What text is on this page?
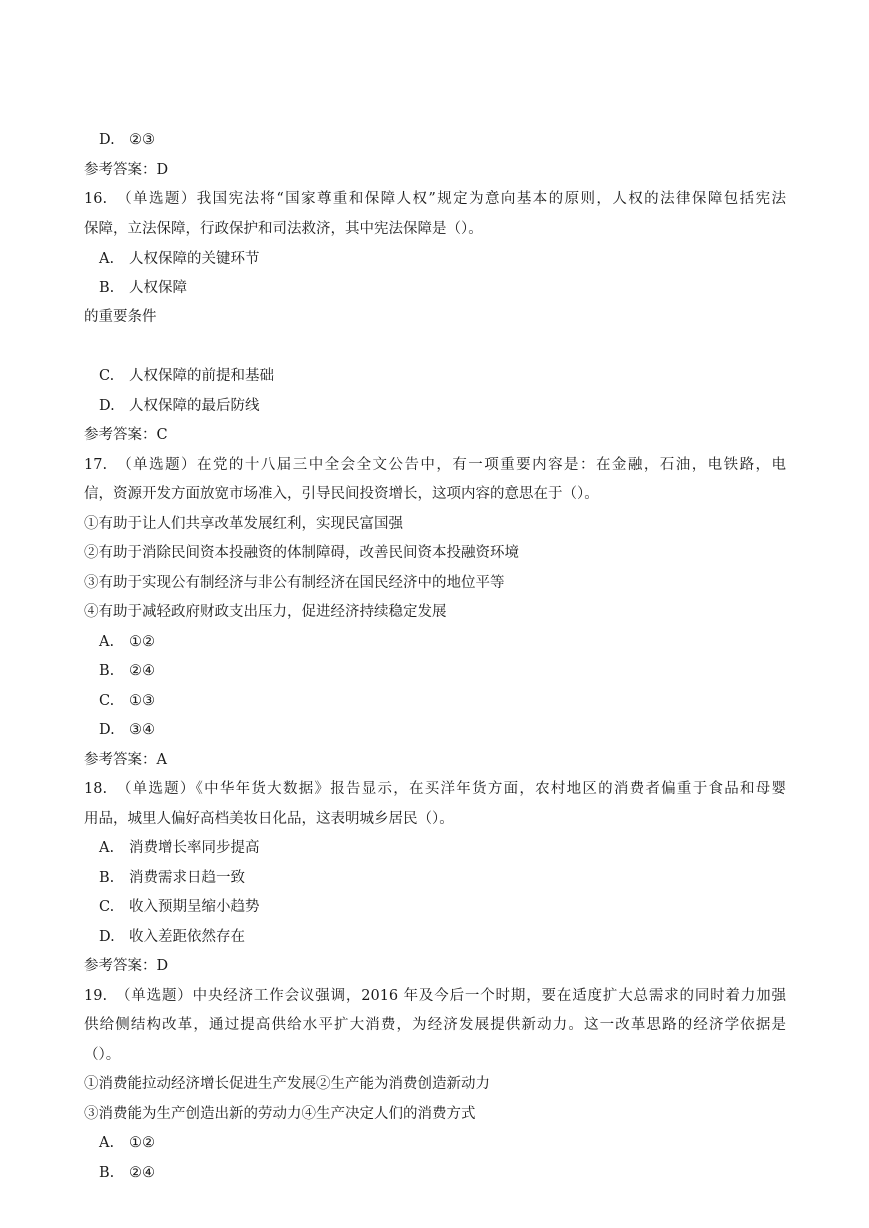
D. ②③
参考答案：D
16.　（单选题）我国宪法将“国家尊重和保障人权”规定为意向基本的原则，人权的法律保障包括宪法
保障，立法保障，行政保护和司法救济，其中宪法保障是（）。
A. 人权保障的关键环节
B. 人权保障
的重要条件
C. 人权保障的前提和基础
D. 人权保障的最后防线
参考答案：C
17.　（单选题）在党的十八届三中全会全文公告中，有一项重要内容是：在金融，石油，电铁路，电
信，资源开发方面放宽市场准入，引导民间投资增长，这项内容的意思在于（）。
①有助于让人们共享改革发展红利，实现民富国强
②有助于消除民间资本投融资的体制障碍，改善民间资本投融资环境
③有助于实现公有制经济与非公有制经济在国民经济中的地位平等
④有助于减轻政府财政支出压力，促进经济持续稳定发展
A. ①②
B. ②④
C. ①③
D. ③④
参考答案：A
18.　（单选题）《中华年货大数据》报告显示，在买洋年货方面，农村地区的消费者偏重于食品和母婴
用品，城里人偏好高档美妆日化品，这表明城乡居民（）。
A. 消费增长率同步提高
B. 消费需求日趋一致
C. 收入预期呈缩小趋势
D. 收入差距依然存在
参考答案：D
19.　（单选题）中央经济工作会议强调，2016 年及今后一个时期，要在适度扩大总需求的同时着力加强
供给侧结构改革，通过提高供给水平扩大消费，为经济发展提供新动力。这一改革思路的经济学依据是
（）。
①消费能拉动经济增长促进生产发展②生产能为消费创造新动力
③消费能为生产创造出新的劳动力④生产决定人们的消费方式
A. ①②
B. ②④
